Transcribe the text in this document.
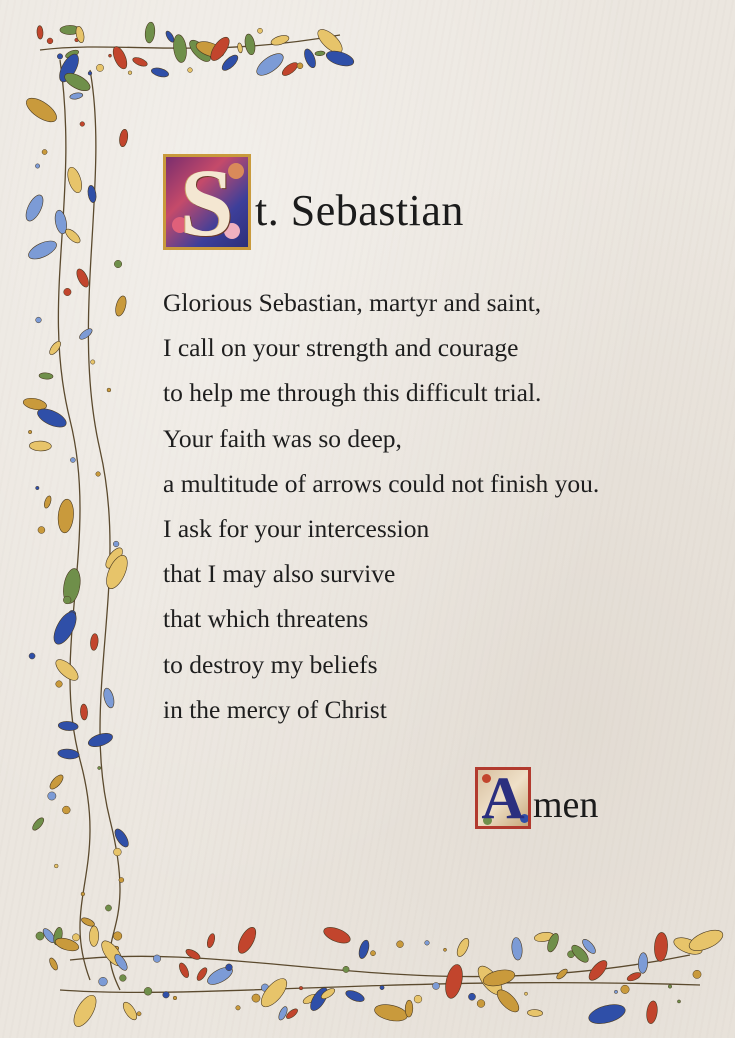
S t. Sebastian
Glorious Sebastian, martyr and saint,
I call on your strength and courage
to help me through this difficult trial.
Your faith was so deep,
a multitude of arrows could not finish you.
I ask for your intercession
that I may also survive
that which threatens
to destroy my beliefs
in the mercy of Christ
A men
